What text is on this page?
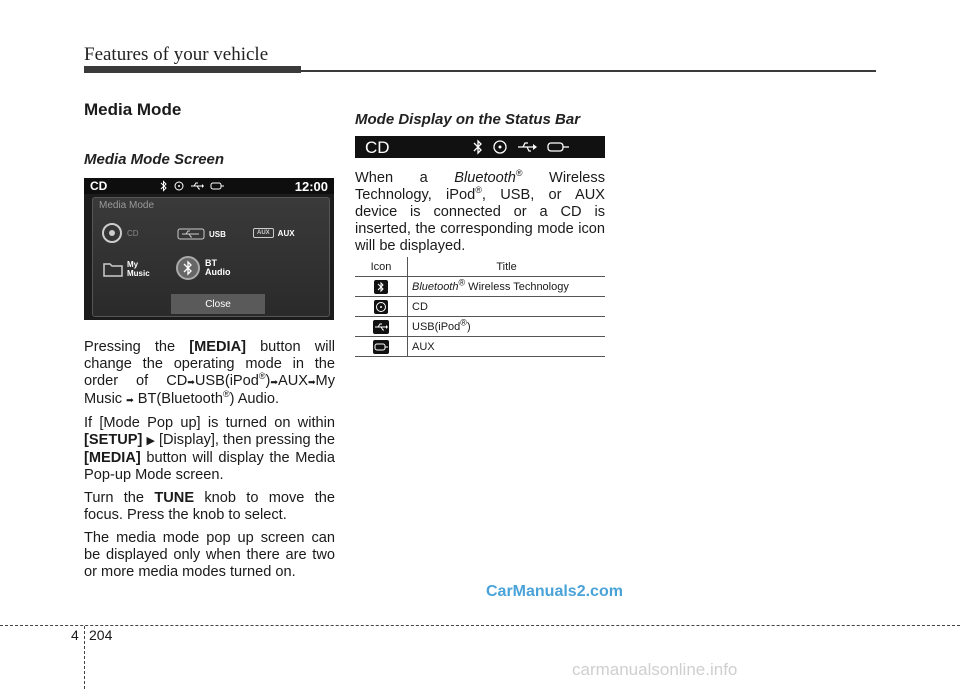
Features of your vehicle
Media Mode
Media Mode Screen
CD	12:00
Media Mode
CD	USB	AUX	AUX
My
Music
BT
Audio
Close

Pressing the [MEDIA] button will change the operating mode in the order of CD➡USB(iPod®)➡AUX➡My Music ➡ BT(Bluetooth®) Audio.

If [Mode Pop up] is turned on within [SETUP] ▶ [Display], then pressing the [MEDIA] button will display the Media Pop-up Mode screen.

Turn the TUNE knob to move the focus. Press the knob to select.

The media mode pop up screen can be displayed only when there are two or more media modes turned on.

Mode Display on the Status Bar
CD

When a Bluetooth® Wireless Technology, iPod®, USB, or AUX device is connected or a CD is inserted, the corresponding mode icon will be displayed.

Icon	Title

	Bluetooth® Wireless Technology

	CD

	USB(iPod®)

	AUX
CarManuals2.com
4 204
carmanualsonline.info
